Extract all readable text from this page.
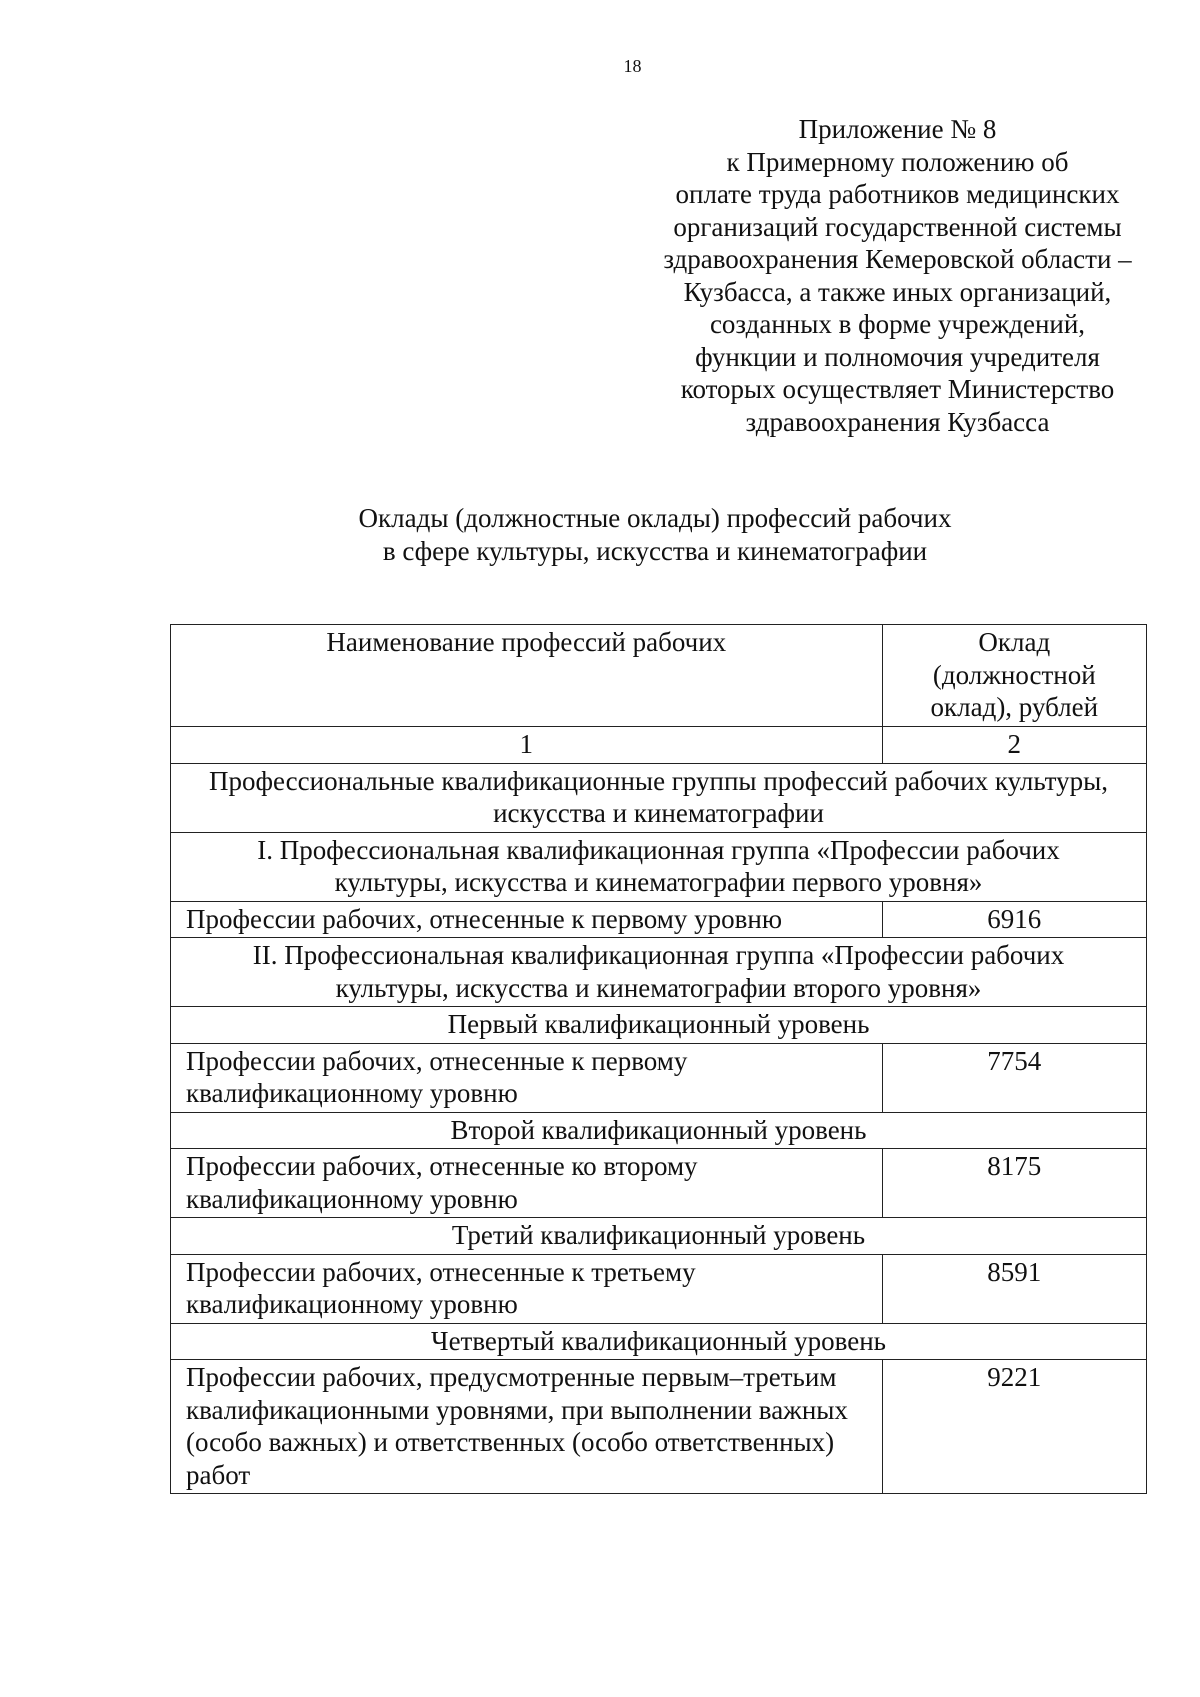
18
Приложение № 8
к Примерному положению об
оплате труда работников медицинских
организаций государственной системы
здравоохранения Кемеровской области –
Кузбасса, а также иных организаций,
созданных в форме учреждений,
функции и полномочия учредителя
которых осуществляет Министерство
здравоохранения Кузбасса
Оклады (должностные оклады) профессий рабочих
в сфере культуры, искусства и кинематографии
Наименование профессий рабочих	Оклад
(должностной
оклад), рублей

1	2

Профессиональные квалификационные группы профессий рабочих культуры,
искусства и кинематографии	

I. Профессиональная квалификационная группа «Профессии рабочих
культуры, искусства и кинематографии первого уровня»	

Профессии рабочих, отнесенные к первому уровню	6916

II. Профессиональная квалификационная группа «Профессии рабочих
культуры, искусства и кинематографии второго уровня»	

Первый квалификационный уровень	

Профессии рабочих, отнесенные к первому
квалификационному уровню	7754
Второй квалификационный уровень	

Профессии рабочих, отнесенные ко второму
квалификационному уровню	8175
Третий квалификационный уровень	

Профессии рабочих, отнесенные к третьему
квалификационному уровню	8591
Четвертый квалификационный уровень	

Профессии рабочих, предусмотренные первым–третьим
квалификационными уровнями, при выполнении важных
(особо важных) и ответственных (особо ответственных)
работ	9221
